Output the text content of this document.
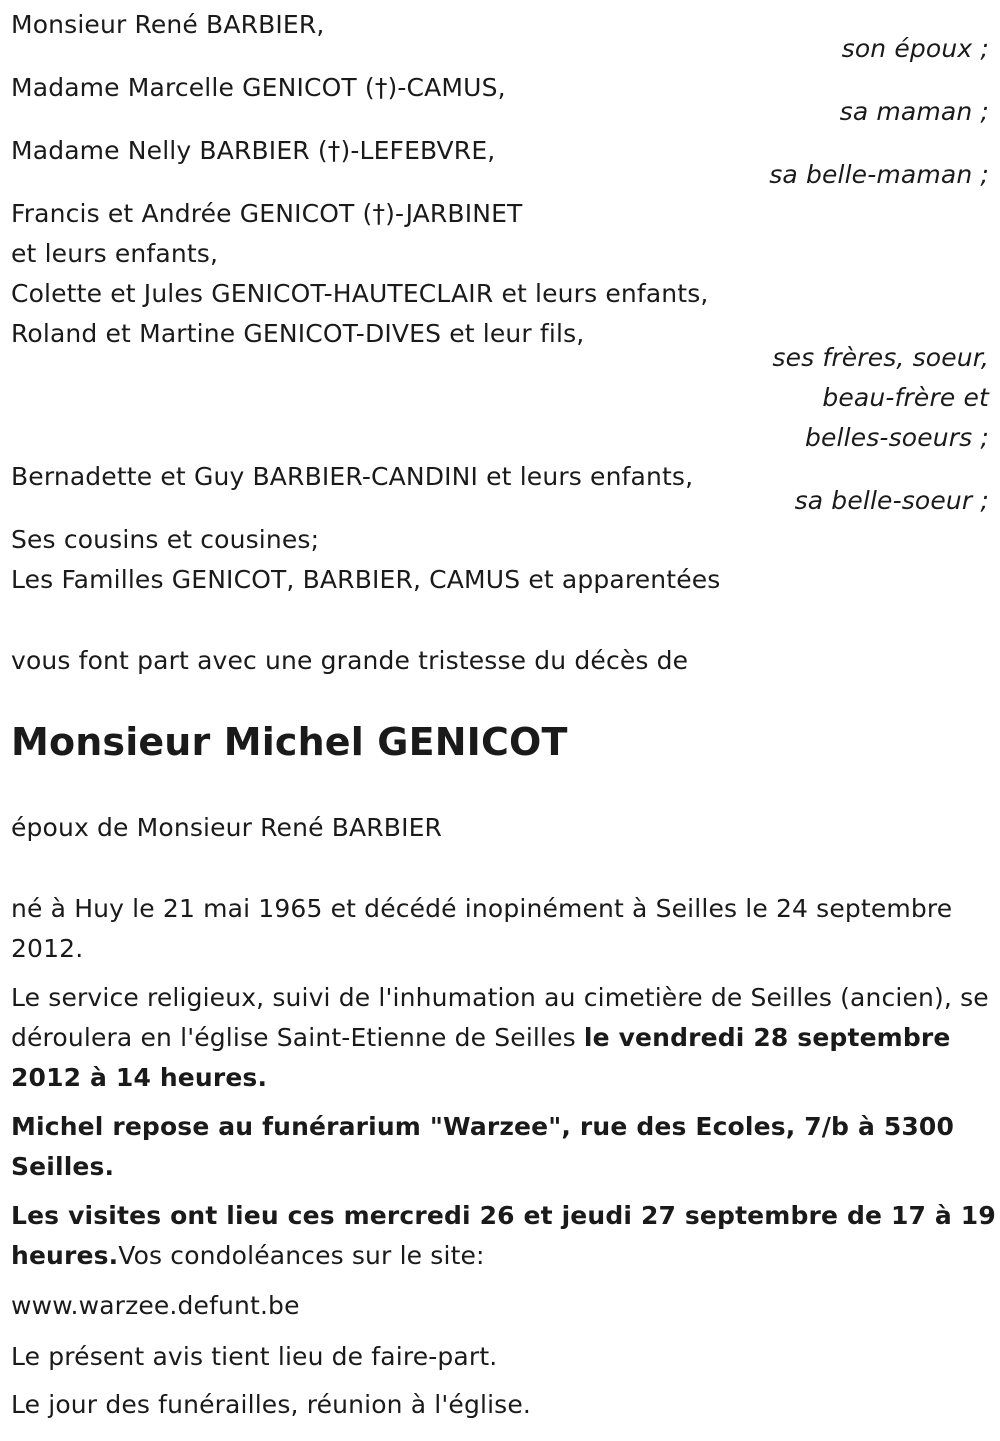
Monsieur René BARBIER,
son époux ;
Madame Marcelle GENICOT (†)-CAMUS,
sa maman ;
Madame Nelly BARBIER (†)-LEFEBVRE,
sa belle-maman ;
Francis et Andrée GENICOT (†)-JARBINET
et leurs enfants,
Colette et Jules GENICOT-HAUTECLAIR et leurs enfants,
Roland et Martine GENICOT-DIVES et leur fils,
ses frères, soeur,
beau-frère et
belles-soeurs ;
Bernadette et Guy BARBIER-CANDINI et leurs enfants,
sa belle-soeur ;
Ses cousins et cousines;
Les Familles GENICOT, BARBIER, CAMUS et apparentées
vous font part avec une grande tristesse du décès de
Monsieur Michel GENICOT
époux de Monsieur René BARBIER
né à Huy le 21 mai 1965 et décédé inopinément à Seilles le 24 septembre 2012.
Le service religieux, suivi de l'inhumation au cimetière de Seilles (ancien), se déroulera en l'église Saint-Etienne de Seilles le vendredi 28 septembre 2012 à 14 heures.
Michel repose au funérarium "Warzee", rue des Ecoles, 7/b à 5300 Seilles.
Les visites ont lieu ces mercredi 26 et jeudi 27 septembre de 17 à 19 heures.Vos condoléances sur le site:
www.warzee.defunt.be
Le présent avis tient lieu de faire-part.
Le jour des funérailles, réunion à l'église.
